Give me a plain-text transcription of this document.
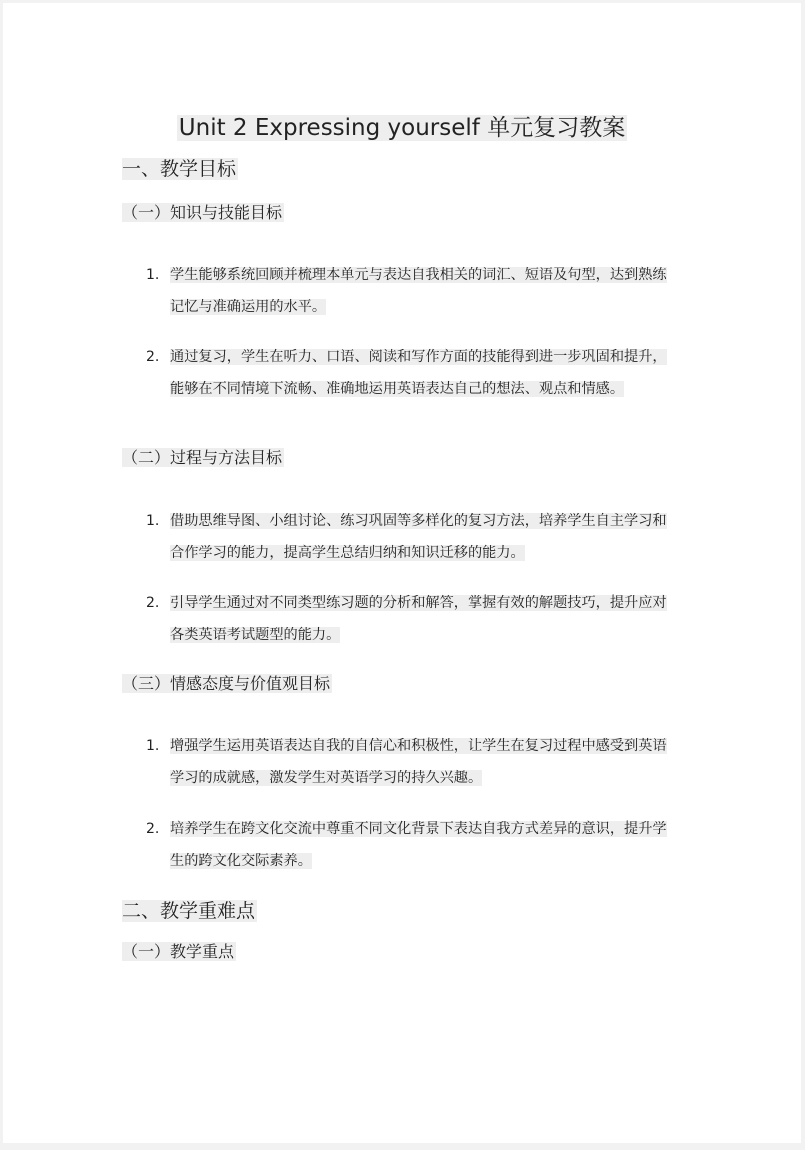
Unit 2 Expressing yourself 单元复习教案
一、教学目标
（一）知识与技能目标
1. 学生能够系统回顾并梳理本单元与表达自我相关的词汇、短语及句型，达到熟练记忆与准确运用的水平。
2. 通过复习，学生在听力、口语、阅读和写作方面的技能得到进一步巩固和提升，能够在不同情境下流畅、准确地运用英语表达自己的想法、观点和情感。
（二）过程与方法目标
1. 借助思维导图、小组讨论、练习巩固等多样化的复习方法，培养学生自主学习和合作学习的能力，提高学生总结归纳和知识迁移的能力。
2. 引导学生通过对不同类型练习题的分析和解答，掌握有效的解题技巧，提升应对各类英语考试题型的能力。
（三）情感态度与价值观目标
1. 增强学生运用英语表达自我的自信心和积极性，让学生在复习过程中感受到英语学习的成就感，激发学生对英语学习的持久兴趣。
2. 培养学生在跨文化交流中尊重不同文化背景下表达自我方式差异的意识，提升学生的跨文化交际素养。
二、教学重难点
（一）教学重点
